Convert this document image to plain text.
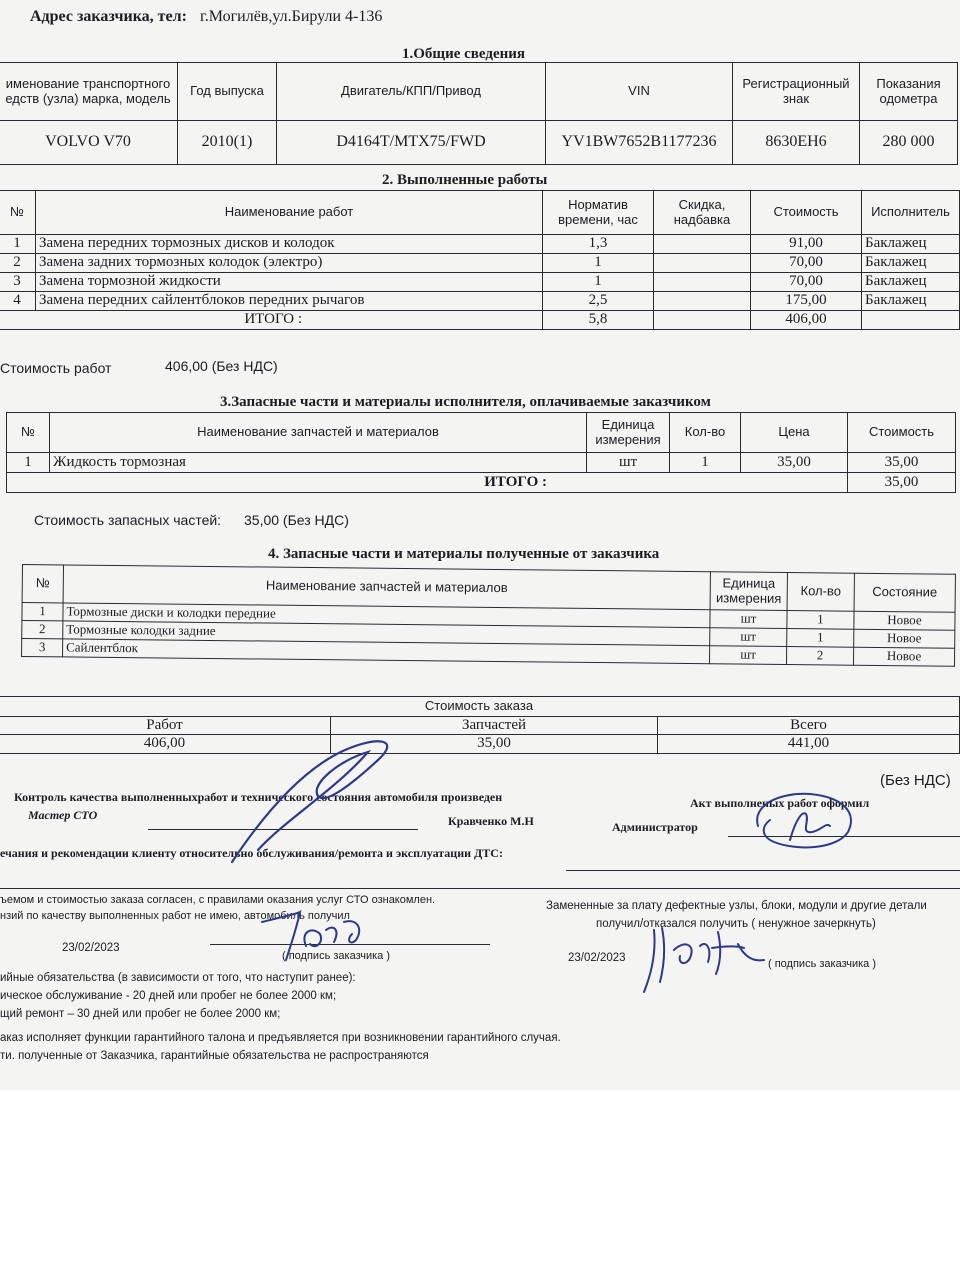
Адрес заказчика, тел: г.Могилёв,ул.Бирули 4-136
1.Общие сведения
именование транспортного
едств (узла) марка, модель	Год выпуска	Двигатель/КПП/Привод	VIN	Регистрационный
знак	Показания
одометра
VOLVO V70	2010(1)	D4164T/MTX75/FWD	YV1BW7652B1177236	8630EH6	280 000
2. Выполненные работы
№	Наименование работ	Норматив
времени, час	Скидка,
надбавка	Стоимость	Исполнитель
1	Замена передних тормозных дисков и колодок	1,3		91,00	Баклажец
2	Замена задних тормозных колодок (электро)	1		70,00	Баклажец
3	Замена тормозной жидкости	1		70,00	Баклажец
4	Замена передних сайлентблоков передних рычагов	2,5		175,00	Баклажец
ИТОГО :		5,8		406,00	
Стоимость работ	406,00 (Без НДС)
3.Запасные части и материалы исполнителя, оплачиваемые заказчиком
№	Наименование запчастей и материалов	Единица
измерения	Кол-во	Цена	Стоимость
1	Жидкость тормозная	шт	1	35,00	35,00
ИТОГО :					35,00
Стоимость запасных частей: 35,00 (Без НДС)
4. Запасные части и материалы полученные от заказчика
№	Наименование запчастей и материалов	Единица
измерения	Кол-во	Состояние
1	Тормозные диски и колодки передние	шт	1	Новое
2	Тормозные колодки задние	шт	1	Новое
3	Сайлентблок	шт	2	Новое
Стоимость заказа		
Работ	Запчастей	Всего
406,00	35,00	441,00
(Без НДС)
Контроль качества выполненныхработ и технического состояния автомобиля произведен	Акт выполненых работ оформил
Мастер СТО	Кравченко М.Н	Администратор
ечания и рекомендации клиенту относительно обслуживания/ремонта и эксплуатации ДТС:
ъемом и стоимостью заказа согласен, с правилами оказания услуг СТО ознакомлен.
нзий по качеству выполненных работ не имею, автомобиль получил
Замененные за плату дефектные узлы, блоки, модули и другие детали
получил/отказался получить ( ненужное зачеркнуть)
23/02/2023
( подпись заказчика )	23/02/2023	( подпись заказчика )
ийные обязательства (в зависимости от того, что наступит ранее):
ическое обслуживание - 20 дней или пробег не более 2000 км;
щий ремонт – 30 дней или пробег не более 2000 км;
аказ исполняет функции гарантийного талона и предъявляется при возникновении гарантийного случая.
ти. полученные от Заказчика, гарантийные обязательства не распространяются
